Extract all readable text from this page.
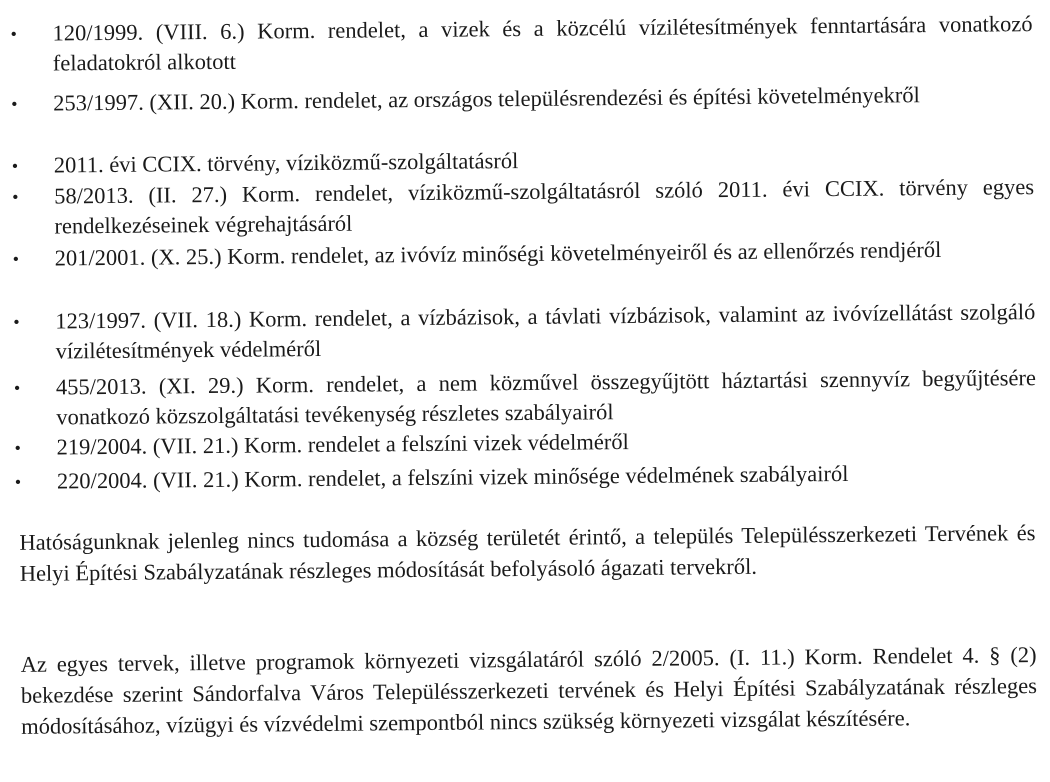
•	120/1999. (VIII. 6.) Korm. rendelet, a vizek és a közcélú vízilétesítmények fenntartására vonatkozó feladatokról alkotott
•	253/1997. (XII. 20.) Korm. rendelet, az országos településrendezési és építési követelményekről
•	2011. évi CCIX. törvény, víziközmű-szolgáltatásról
•	58/2013. (II. 27.) Korm. rendelet, víziközmű-szolgáltatásról szóló 2011. évi CCIX. törvény egyes rendelkezéseinek végrehajtásáról
•	201/2001. (X. 25.) Korm. rendelet, az ivóvíz minőségi követelményeiről és az ellenőrzés rendjéről
•	123/1997. (VII. 18.) Korm. rendelet, a vízbázisok, a távlati vízbázisok, valamint az ivóvízellátást szolgáló vízilétesítmények védelméről
•	455/2013. (XI. 29.) Korm. rendelet, a nem közművel összegyűjtött háztartási szennyvíz begyűjtésére vonatkozó közszolgáltatási tevékenység részletes szabályairól
•	219/2004. (VII. 21.) Korm. rendelet a felszíni vizek védelméről
•	220/2004. (VII. 21.) Korm. rendelet, a felszíni vizek minősége védelmének szabályairól

Hatóságunknak jelenleg nincs tudomása a község területét érintő, a település Településszerkezeti Tervének és Helyi Építési Szabályzatának részleges módosítását befolyásoló ágazati tervekről.

Az egyes tervek, illetve programok környezeti vizsgálatáról szóló 2/2005. (I. 11.) Korm. Rendelet 4. § (2) bekezdése szerint Sándorfalva Város Településszerkezeti tervének és Helyi Építési Szabályzatának részleges módosításához, vízügyi és vízvédelmi szempontból nincs szükség környezeti vizsgálat készítésére.
